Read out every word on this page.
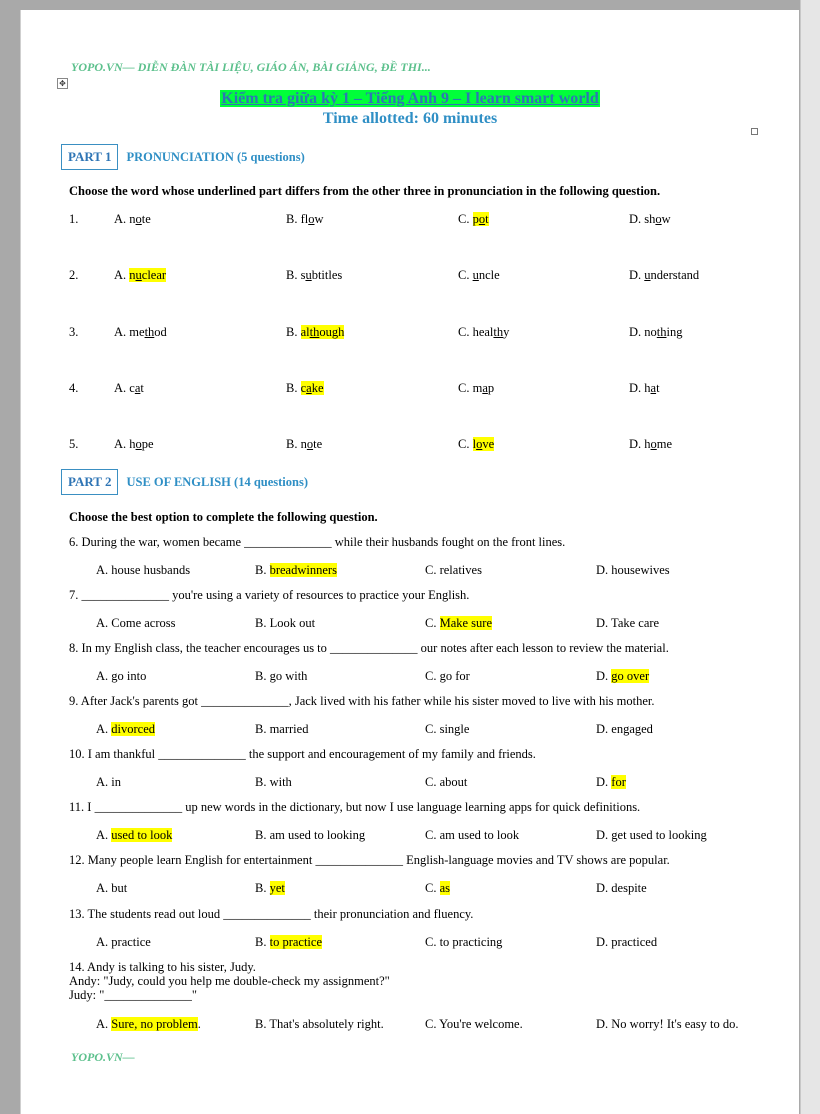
YOPO.VN— DIỄN ĐÀN TÀI LIỆU, GIÁO ÁN, BÀI GIẢNG, ĐỀ THI...
✥
Kiểm tra giữa kỳ 1 – Tiếng Anh 9 – I learn smart world
Time allotted: 60 minutes
PART 1	PRONUNCIATION (5 questions)
Choose the word whose underlined part differs from the other three in pronunciation in the following question.
1.	A. note	B. flow	C. pot	D. show
2.	A. nuclear	B. subtitles	C. uncle	D. understand
3.	A. method	B. although	C. healthy	D. nothing
4.	A. cat	B. cake	C. map	D. hat
5.	A. hope	B. note	C. love	D. home
PART 2	USE OF ENGLISH (14 questions)
Choose the best option to complete the following question.
6. During the war, women became ______________ while their husbands fought on the front lines.
A. house husbands	B. breadwinners	C. relatives	D. housewives
7. ______________ you're using a variety of resources to practice your English.
A. Come across	B. Look out	C. Make sure	D. Take care
8. In my English class, the teacher encourages us to ______________ our notes after each lesson to review the material.
A. go into	B. go with	C. go for	D. go over
9. After Jack's parents got ______________, Jack lived with his father while his sister moved to live with his mother.
A. divorced	B. married	C. single	D. engaged
10. I am thankful ______________ the support and encouragement of my family and friends.
A. in	B. with	C. about	D. for
11. I ______________ up new words in the dictionary, but now I use language learning apps for quick definitions.
A. used to look	B. am used to looking	C. am used to look	D. get used to looking
12. Many people learn English for entertainment ______________ English-language movies and TV shows are popular.
A. but	B. yet	C. as	D. despite
13. The students read out loud ______________ their pronunciation and fluency.
A. practice	B. to practice	C. to practicing	D. practiced
14. Andy is talking to his sister, Judy.
Andy: "Judy, could you help me double-check my assignment?"
Judy: "______________"
A. Sure, no problem.	B. That's absolutely right.	C. You're welcome.	D. No worry! It's easy to do.
YOPO.VN—
